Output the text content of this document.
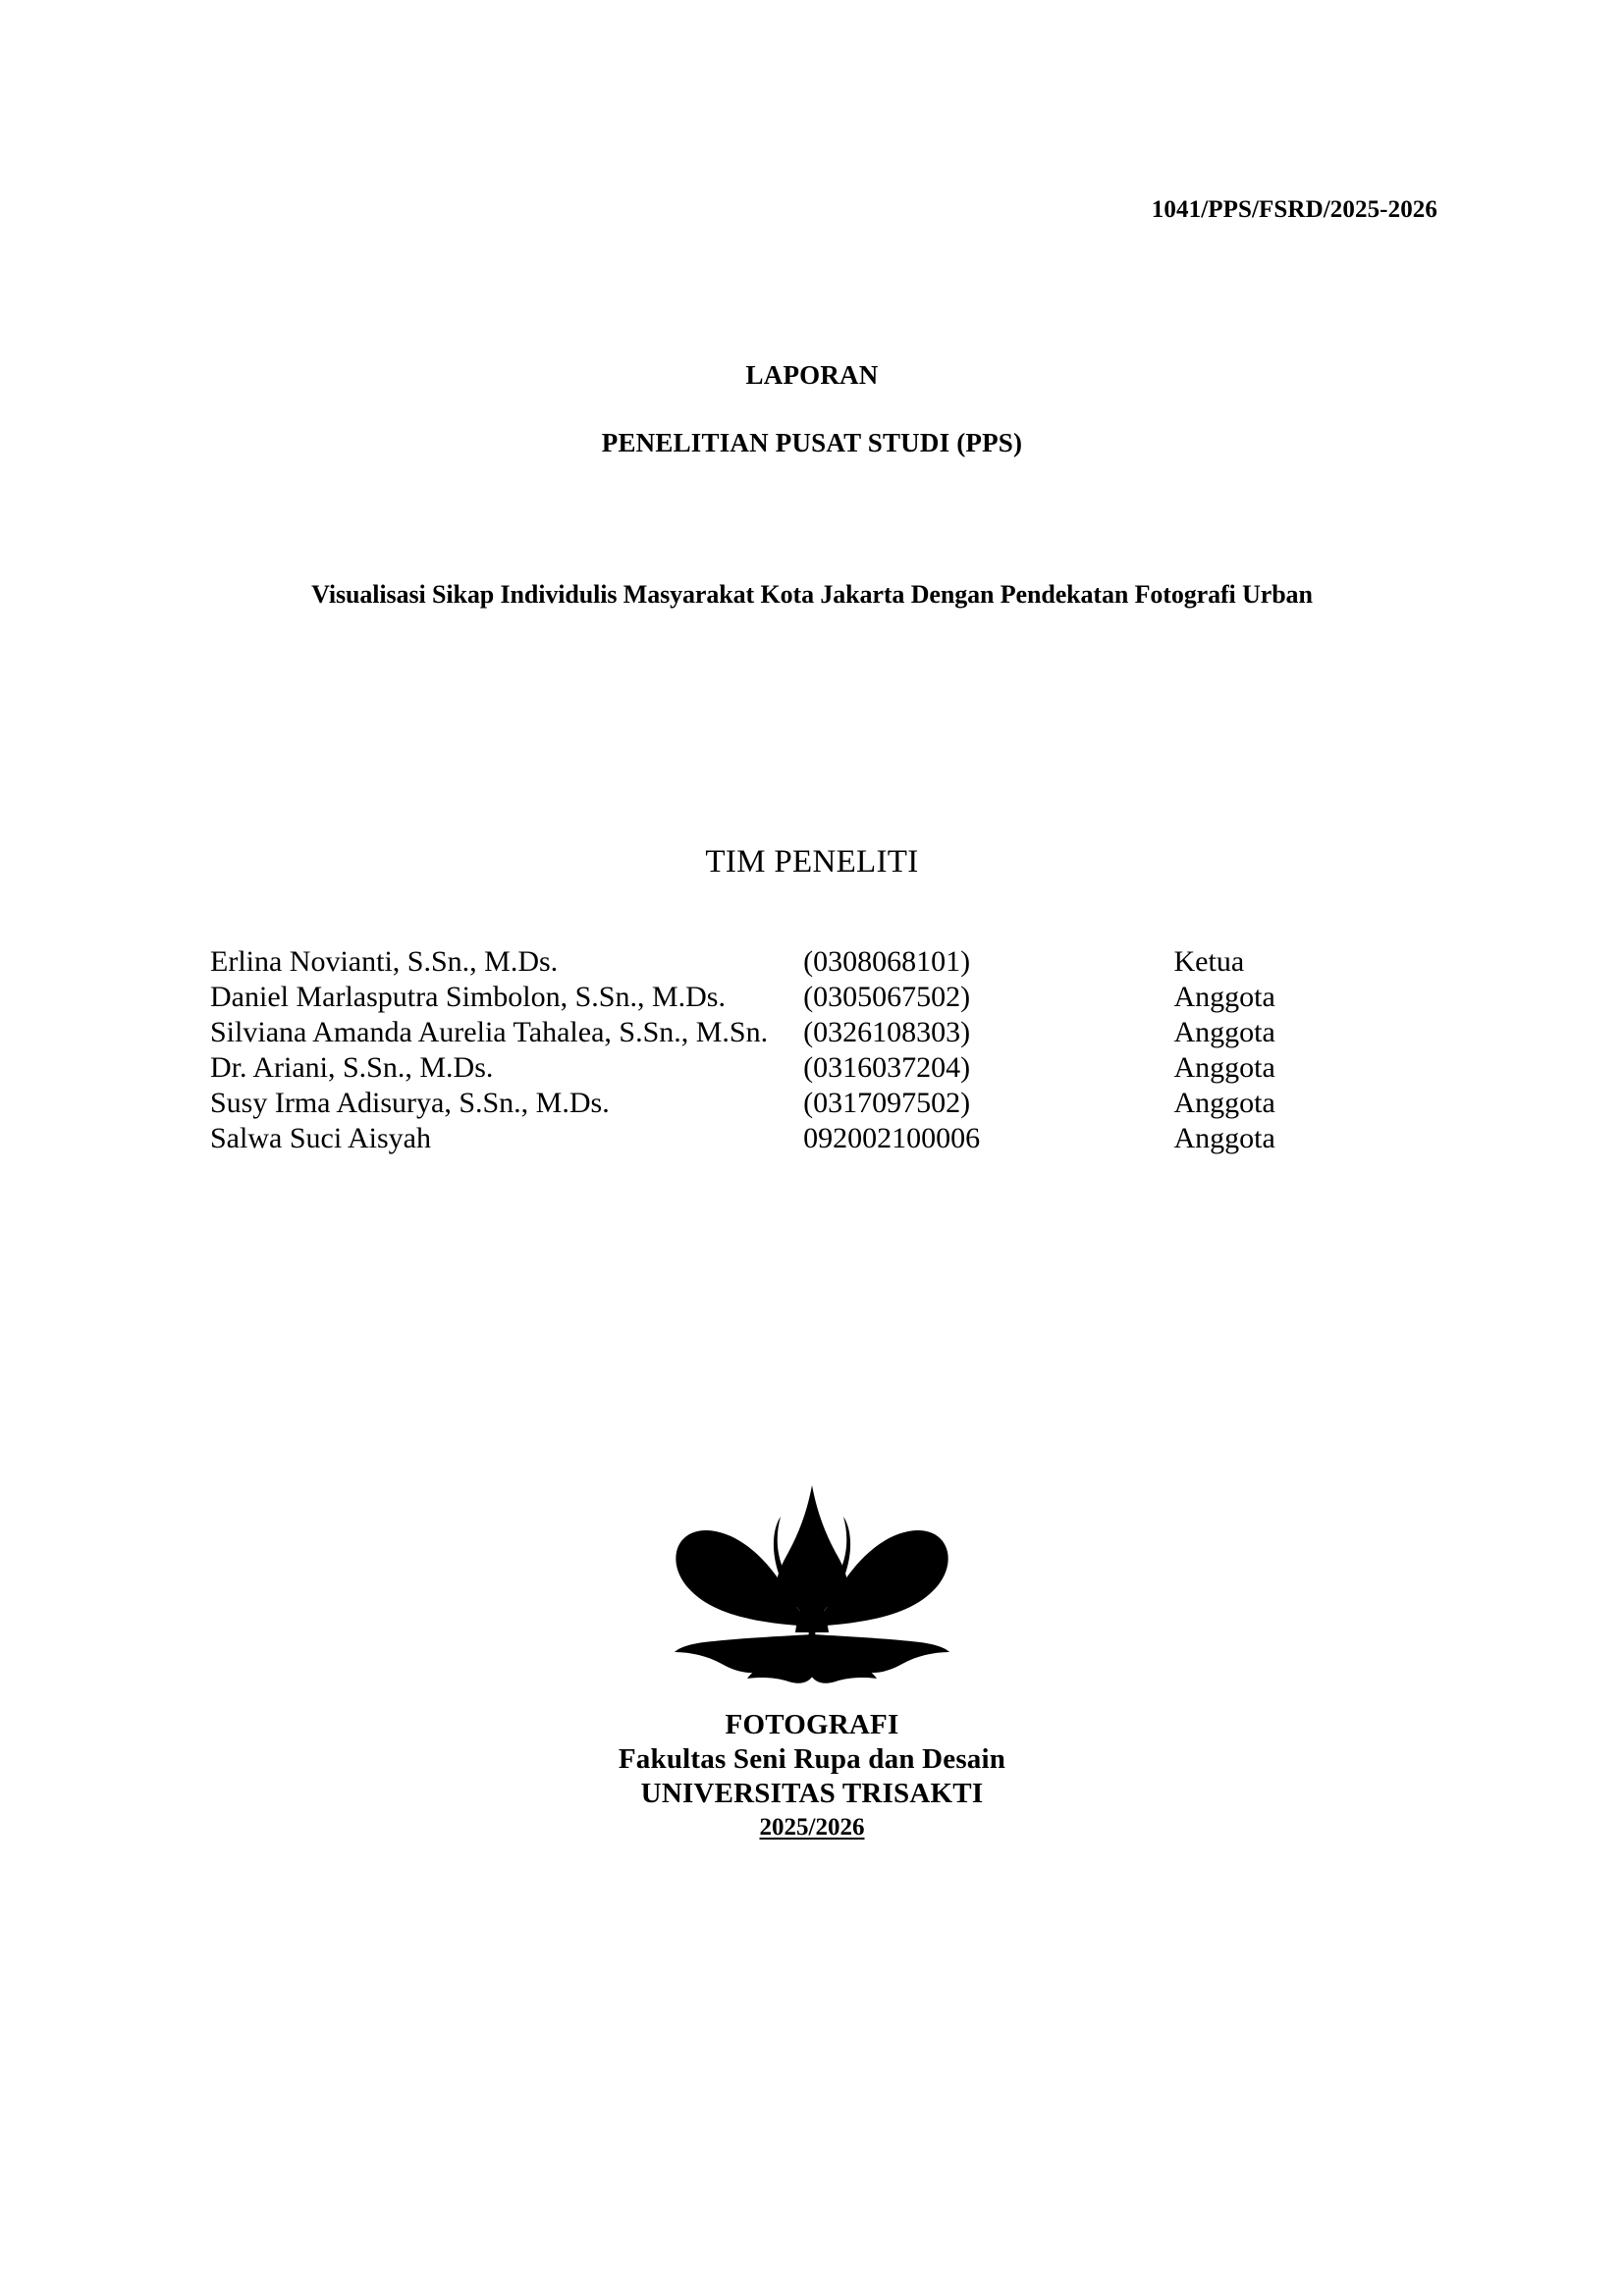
1041/PPS/FSRD/2025-2026
LAPORAN
PENELITIAN PUSAT STUDI (PPS)
Visualisasi Sikap Individulis Masyarakat Kota Jakarta Dengan Pendekatan Fotografi Urban
TIM PENELITI
Erlina Novianti, S.Sn., M.Ds.	(0308068101)	Ketua
Daniel Marlasputra Simbolon, S.Sn., M.Ds.	(0305067502)	Anggota
Silviana Amanda Aurelia Tahalea, S.Sn., M.Sn.	(0326108303)	Anggota
Dr. Ariani, S.Sn., M.Ds.	(0316037204)	Anggota
Susy Irma Adisurya, S.Sn., M.Ds.	(0317097502)	Anggota
Salwa Suci Aisyah	092002100006	Anggota
FOTOGRAFI
Fakultas Seni Rupa dan Desain
UNIVERSITAS TRISAKTI
2025/2026
